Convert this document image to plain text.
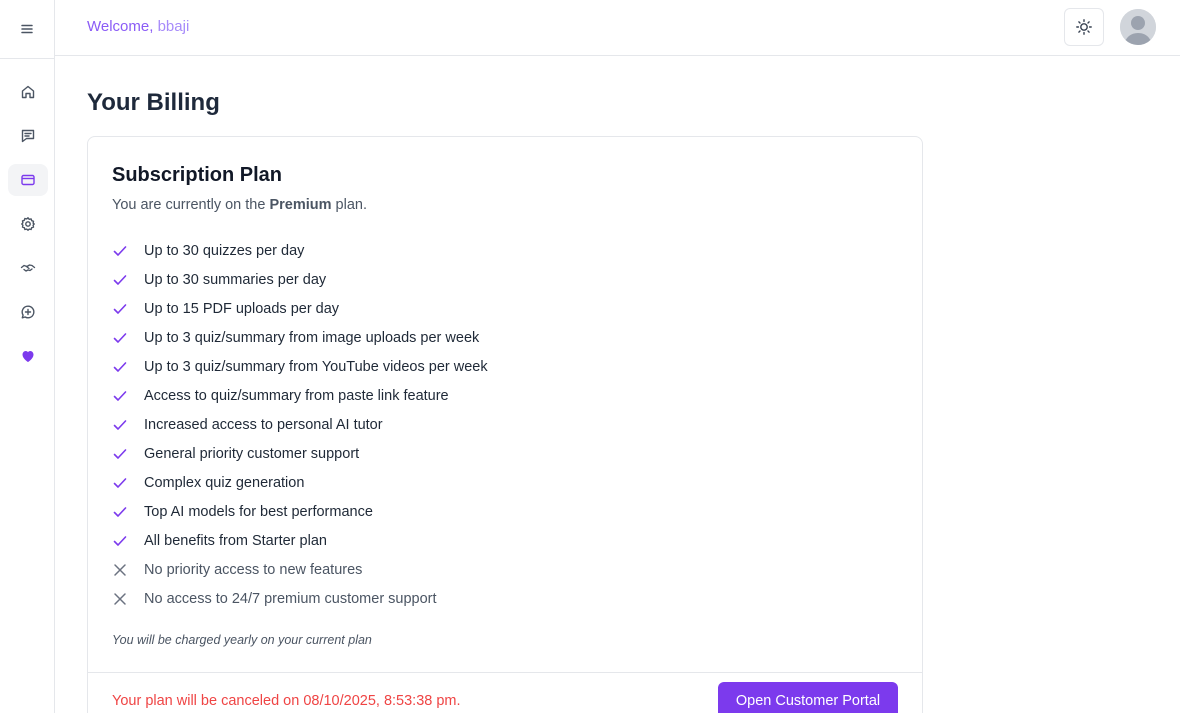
Welcome, bbaji
Your Billing
Subscription Plan

You are currently on the Premium plan.

Up to 30 quizzes per day
Up to 30 summaries per day
Up to 15 PDF uploads per day
Up to 3 quiz/summary from image uploads per week
Up to 3 quiz/summary from YouTube videos per week
Access to quiz/summary from paste link feature
Increased access to personal AI tutor
General priority customer support
Complex quiz generation
Top AI models for best performance
All benefits from Starter plan
No priority access to new features
No access to 24/7 premium customer support

You will be charged yearly on your current plan

Your plan will be canceled on 08/10/2025, 8:53:38 pm.	Open Customer Portal
